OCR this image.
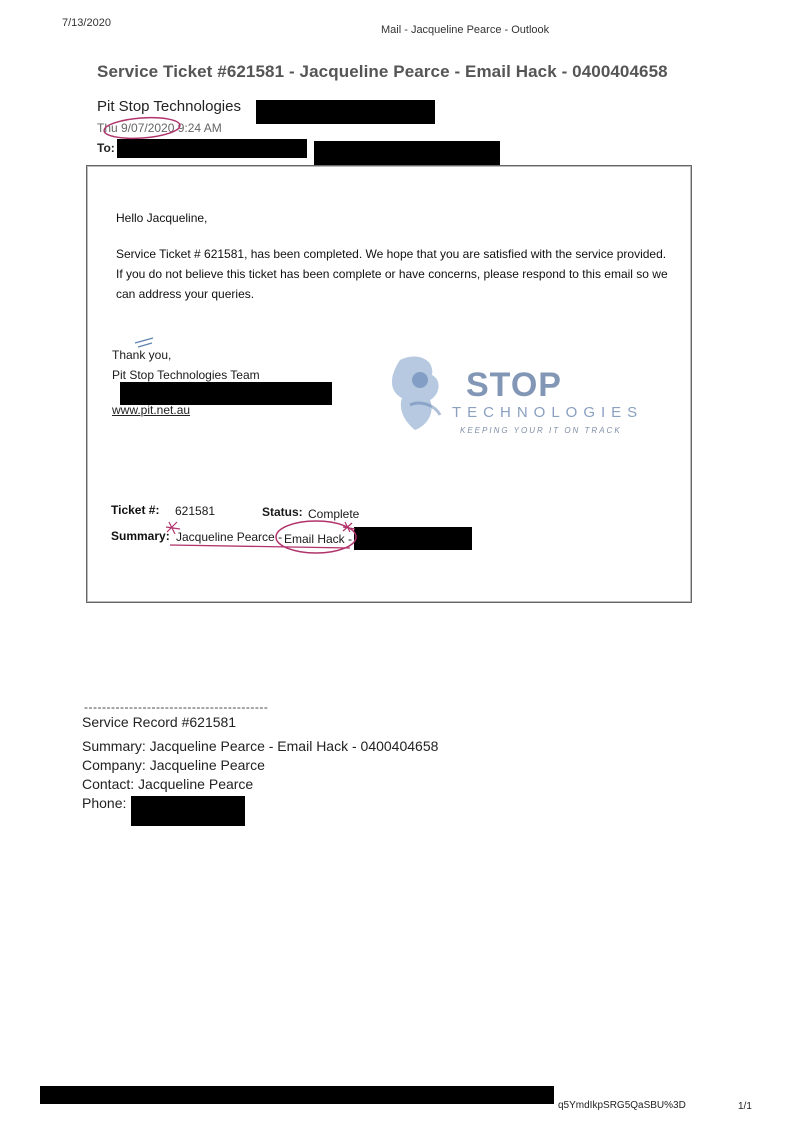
7/13/2020
Mail - Jacqueline Pearce - Outlook
Service Ticket #621581 - Jacqueline Pearce - Email Hack - 0400404658
Pit Stop Technologies
Thu 9/07/2020 9:24 AM
To:
Hello Jacqueline,
Service Ticket # 621581, has been completed. We hope that you are satisfied with the service provided. If you do not believe this ticket has been complete or have concerns, please respond to this email so we can address your queries.
Thank you,
Pit Stop Technologies Team
www.pit.net.au
STOP
TECHNOLOGIES
KEEPING YOUR IT ON TRACK
Ticket #: 621581	Status: Complete
Summary: Jacqueline Pearce - Email Hack -
-----------------------------------------
Service Record #621581
Summary: Jacqueline Pearce - Email Hack - 0400404658
Company: Jacqueline Pearce
Contact: Jacqueline Pearce
Phone:
q5YmdIkpSRG5QaSBU%3D	1/1
